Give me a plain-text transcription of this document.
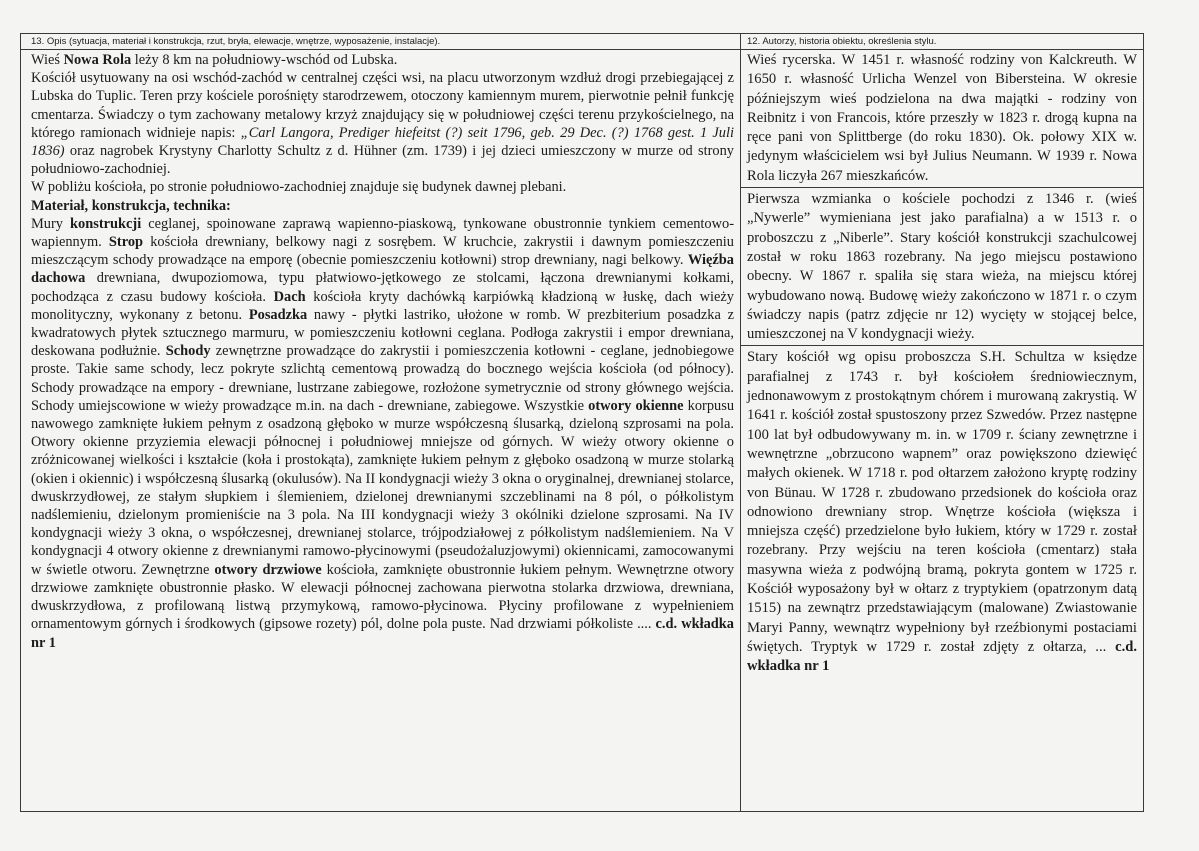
13. Opis (sytuacja, materiał i konstrukcja, rzut, bryła, elewacje, wnętrze, wyposażenie, instalacje).

Wieś Nowa Rola leży 8 km na południowy-wschód od Lubska.

Kościół usytuowany na osi wschód-zachód w centralnej części wsi, na placu utworzonym wzdłuż drogi przebiegającej z Lubska do Tuplic. Teren przy kościele porośnięty starodrzewem, otoczony kamiennym murem, pierwotnie pełnił funkcję cmentarza. Świadczy o tym zachowany metalowy krzyż znajdujący się w południowej części terenu przykościelnego, na którego ramionach widnieje napis: „Carl Langora, Prediger hiefeitst (?) seit 1796, geb. 29 Dec. (?) 1768 gest. 1 Juli 1836) oraz nagrobek Krystyny Charlotty Schultz z d. Hühner (zm. 1739) i jej dzieci umieszczony w murze od strony południowo-zachodniej.

W pobliżu kościoła, po stronie południowo-zachodniej znajduje się budynek dawnej plebani.

Materiał, konstrukcja, technika:

Mury konstrukcji ceglanej, spoinowane zaprawą wapienno-piaskową, tynkowane obustronnie tynkiem cementowo-wapiennym. Strop kościoła drewniany, belkowy nagi z sosrębem. W kruchcie, zakrystii i dawnym pomieszczeniu mieszczącym schody prowadzące na emporę (obecnie pomieszczeniu kotłowni) strop drewniany, nagi belkowy. Więźba dachowa drewniana, dwupoziomowa, typu płatwiowo-jętkowego ze stolcami, łączona drewnianymi kołkami, pochodząca z czasu budowy kościoła. Dach kościoła kryty dachówką karpiówką kładzioną w łuskę, dach wieży monolityczny, wykonany z betonu. Posadzka nawy - płytki lastriko, ułożone w romb. W prezbiterium posadzka z kwadratowych płytek sztucznego marmuru, w pomieszczeniu kotłowni ceglana. Podłoga zakrystii i empor drewniana, deskowana podłużnie. Schody zewnętrzne prowadzące do zakrystii i pomieszczenia kotłowni - ceglane, jednobiegowe proste. Takie same schody, lecz pokryte szlichtą cementową prowadzą do bocznego wejścia kościoła (od północy). Schody prowadzące na empory - drewniane, lustrzane zabiegowe, rozłożone symetrycznie od strony głównego wejścia. Schody umiejscowione w wieży prowadzące m.in. na dach - drewniane, zabiegowe. Wszystkie otwory okienne korpusu nawowego zamknięte łukiem pełnym z osadzoną głęboko w murze współczesną ślusarką, dzieloną szprosami na pola. Otwory okienne przyziemia elewacji północnej i południowej mniejsze od górnych. W wieży otwory okienne o zróżnicowanej wielkości i kształcie (koła i prostokąta), zamknięte łukiem pełnym z głęboko osadzoną w murze stolarką (okien i okiennic) i współczesną ślusarką (okulusów). Na II kondygnacji wieży 3 okna o oryginalnej, drewnianej stolarce, dwuskrzydłowej, ze stałym słupkiem i ślemieniem, dzielonej drewnianymi szczeblinami na 8 pól, o półkolistym nadślemieniu, dzielonym promieniście na 3 pola. Na III kondygnacji wieży 3 okólniki dzielone szprosami. Na IV kondygnacji wieży 3 okna, o współczesnej, drewnianej stolarce, trójpodziałowej z półkolistym nadślemieniem. Na V kondygnacji 4 otwory okienne z drewnianymi ramowo-płycinowymi (pseudożaluzjowymi) okiennicami, zamocowanymi w świetle otworu. Zewnętrzne otwory drzwiowe kościoła, zamknięte obustronnie łukiem pełnym. Wewnętrzne otwory drzwiowe zamknięte obustronnie płasko. W elewacji północnej zachowana pierwotna stolarka drzwiowa, drewniana, dwuskrzydłowa, z profilowaną listwą przymykową, ramowo-płycinowa. Płyciny profilowane z wypełnieniem ornamentowym górnych i środkowych (gipsowe rozety) pól, dolne pola puste. Nad drzwiami półkoliste .... c.d. wkładka nr 1

12. Autorzy, historia obiektu, określenia stylu.

Wieś rycerska. W 1451 r. własność rodziny von Kalckreuth. W 1650 r. własność Urlicha Wenzel von Bibersteina. W okresie późniejszym wieś podzielona na dwa majątki - rodziny von Reibnitz i von Francois, które przeszły w 1823 r. drogą kupna na ręce pani von Splittberge (do roku 1830). Ok. połowy XIX w. jedynym właścicielem wsi był Julius Neumann. W 1939 r. Nowa Rola liczyła 267 mieszkańców.

Pierwsza wzmianka o kościele pochodzi z 1346 r. (wieś „Nywerle” wymieniana jest jako parafialna) a w 1513 r. o proboszczu z „Niberle”. Stary kościół konstrukcji szachulcowej został w roku 1863 rozebrany. Na jego miejscu postawiono obecny. W 1867 r. spaliła się stara wieża, na miejscu której wybudowano nową. Budowę wieży zakończono w 1871 r. o czym świadczy napis (patrz zdjęcie nr 12) wycięty w stojącej belce, umieszczonej na V kondygnacji wieży.

Stary kościół wg opisu proboszcza S.H. Schultza w księdze parafialnej z 1743 r. był kościołem średniowiecznym, jednonawowym z prostokątnym chórem i murowaną zakrystią. W 1641 r. kościół został spustoszony przez Szwedów. Przez następne 100 lat był odbudowywany m. in. w 1709 r. ściany zewnętrzne i wewnętrzne „obrzucono wapnem” oraz powiększono dziewięć małych okienek. W 1718 r. pod ołtarzem założono kryptę rodziny von Bünau. W 1728 r. zbudowano przedsionek do kościoła oraz odnowiono drewniany strop. Wnętrze kościoła (większa i mniejsza część) przedzielone było łukiem, który w 1729 r. został rozebrany. Przy wejściu na teren kościoła (cmentarz) stała masywna wieża z podwójną bramą, pokryta gontem w 1725 r. Kościół wyposażony był w ołtarz z tryptykiem (opatrzonym datą 1515) na zewnątrz przedstawiającym (malowane) Zwiastowanie Maryi Panny, wewnątrz wypełniony był rzeźbionymi postaciami świętych. Tryptyk w 1729 r. został zdjęty z ołtarza, ... c.d. wkładka nr 1
